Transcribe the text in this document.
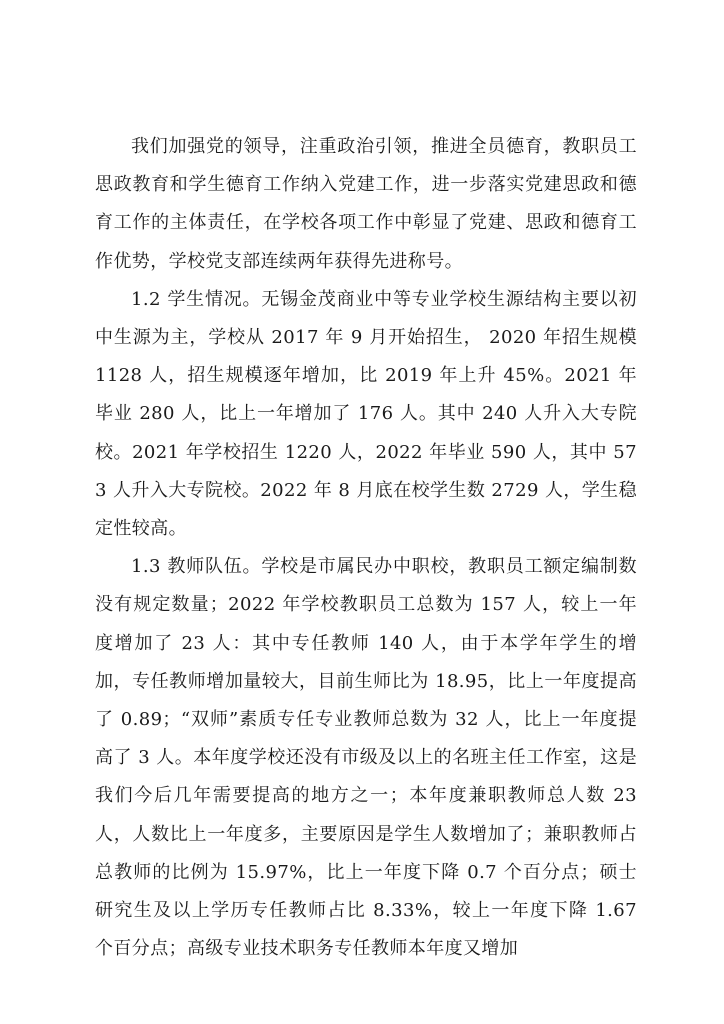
我们加强党的领导，注重政治引领，推进全员德育，教职员工思政教育和学生德育工作纳入党建工作，进一步落实党建思政和德育工作的主体责任，在学校各项工作中彰显了党建、思政和德育工作优势，学校党支部连续两年获得先进称号。

1.2 学生情况。无锡金茂商业中等专业学校生源结构主要以初中生源为主，学校从 2017 年 9 月开始招生， 2020 年招生规模 1128 人，招生规模逐年增加，比 2019 年上升 45%。2021 年毕业 280 人，比上一年增加了 176 人。其中 240 人升入大专院校。2021 年学校招生 1220 人，2022 年毕业 590 人，其中 573 人升入大专院校。2022 年 8 月底在校学生数 2729 人，学生稳定性较高。

1.3 教师队伍。学校是市属民办中职校，教职员工额定编制数没有规定数量；2022 年学校教职员工总数为 157 人，较上一年度增加了 23 人：其中专任教师 140 人，由于本学年学生的增加，专任教师增加量较大，目前生师比为 18.95，比上一年度提高了 0.89；“双师”素质专任专业教师总数为 32 人，比上一年度提高了 3 人。本年度学校还没有市级及以上的名班主任工作室，这是我们今后几年需要提高的地方之一；本年度兼职教师总人数 23 人，人数比上一年度多，主要原因是学生人数增加了；兼职教师占总教师的比例为 15.97%，比上一年度下降 0.7 个百分点；硕士研究生及以上学历专任教师占比 8.33%，较上一年度下降 1.67 个百分点；高级专业技术职务专任教师本年度又增加
